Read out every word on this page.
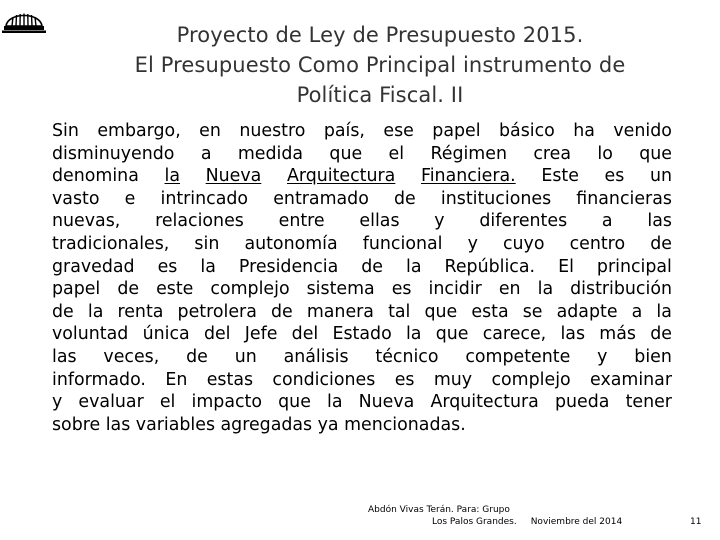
Proyecto de Ley de Presupuesto 2015.
El Presupuesto Como Principal instrumento de
Política Fiscal. II
Sin embargo, en nuestro país, ese papel básico ha venido
disminuyendo a medida que el Régimen crea lo que
denomina la Nueva Arquitectura Financiera. Este es un
vasto e intrincado entramado de instituciones financieras
nuevas, relaciones entre ellas y diferentes a las
tradicionales, sin autonomía funcional y cuyo centro de
gravedad es la Presidencia de la República. El principal
papel de este complejo sistema es incidir en la distribución
de la renta petrolera de manera tal que esta se adapte a la
voluntad única del Jefe del Estado la que carece, las más de
las veces, de un análisis técnico competente y bien
informado. En estas condiciones es muy complejo examinar
y evaluar el impacto que la Nueva Arquitectura pueda tener
sobre las variables agregadas ya mencionadas.
Abdón Vivas Terán. Para: Grupo
Los Palos Grandes. Noviembre del 2014	11
